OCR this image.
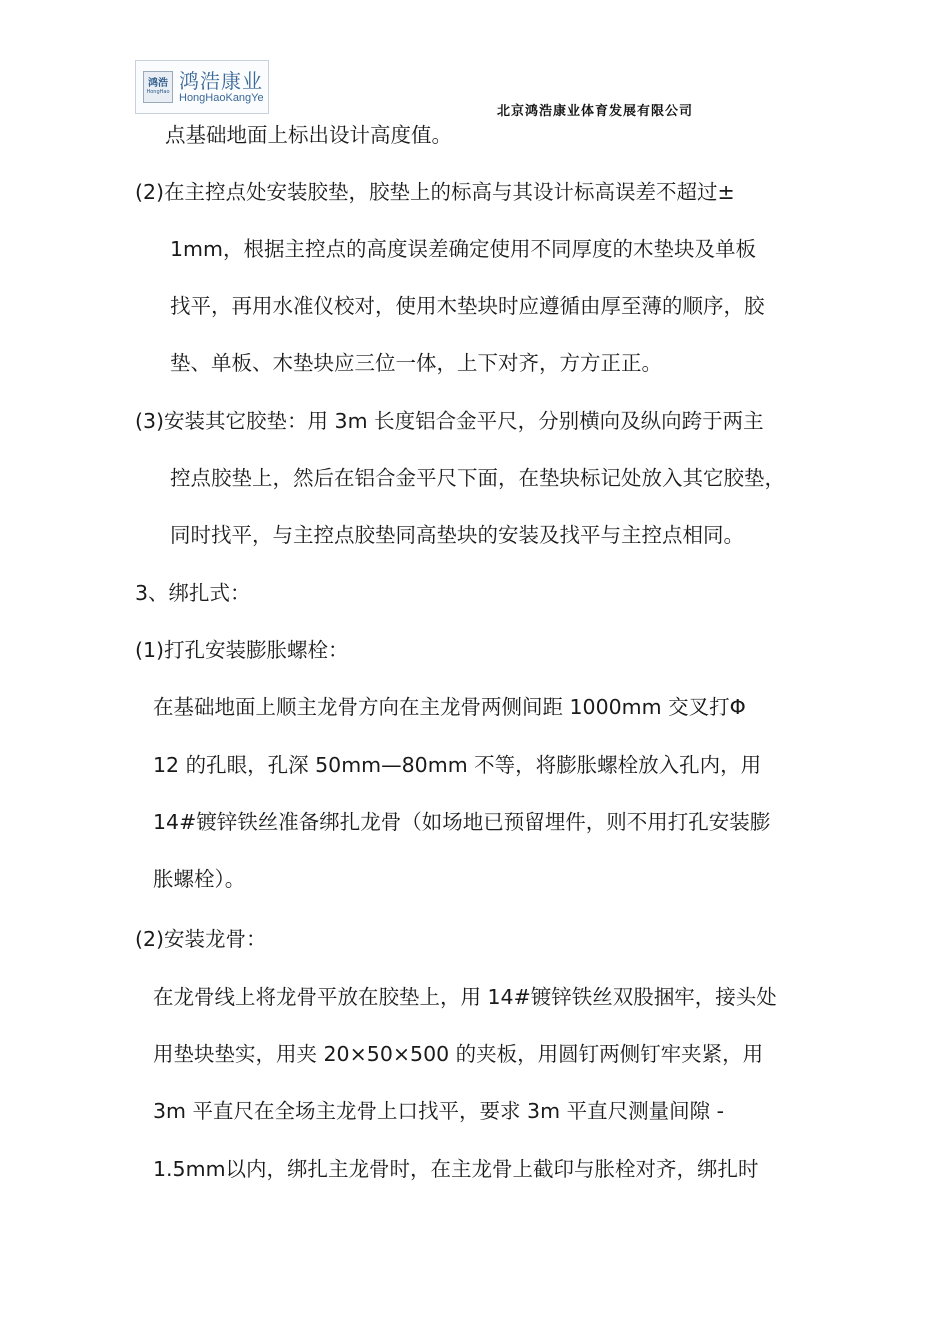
鸿浩
HongHao 鸿浩康业
HongHaoKangYe
北京鸿浩康业体育发展有限公司
点基础地面上标出设计高度值。
(2)在主控点处安装胶垫，胶垫上的标高与其设计标高误差不超过±
1mm，根据主控点的高度误差确定使用不同厚度的木垫块及单板
找平，再用水准仪校对，使用木垫块时应遵循由厚至薄的顺序，胶
垫、单板、木垫块应三位一体，上下对齐，方方正正。
(3)安装其它胶垫：用 3m 长度铝合金平尺，分别横向及纵向跨于两主
控点胶垫上，然后在铝合金平尺下面，在垫块标记处放入其它胶垫，
同时找平，与主控点胶垫同高垫块的安装及找平与主控点相同。
3、绑扎式：
(1)打孔安装膨胀螺栓：
在基础地面上顺主龙骨方向在主龙骨两侧间距 1000mm 交叉打Φ
12 的孔眼，孔深 50mm—80mm 不等，将膨胀螺栓放入孔内，用
14#镀锌铁丝准备绑扎龙骨（如场地已预留埋件，则不用打孔安装膨
胀螺栓）。
(2)安装龙骨：
在龙骨线上将龙骨平放在胶垫上，用 14#镀锌铁丝双股捆牢，接头处
用垫块垫实，用夹 20×50×500 的夹板，用圆钉两侧钉牢夹紧，用
3m 平直尺在全场主龙骨上口找平，要求 3m 平直尺测量间隙 -
1.5mm以内，绑扎主龙骨时，在主龙骨上截印与胀栓对齐，绑扎时
